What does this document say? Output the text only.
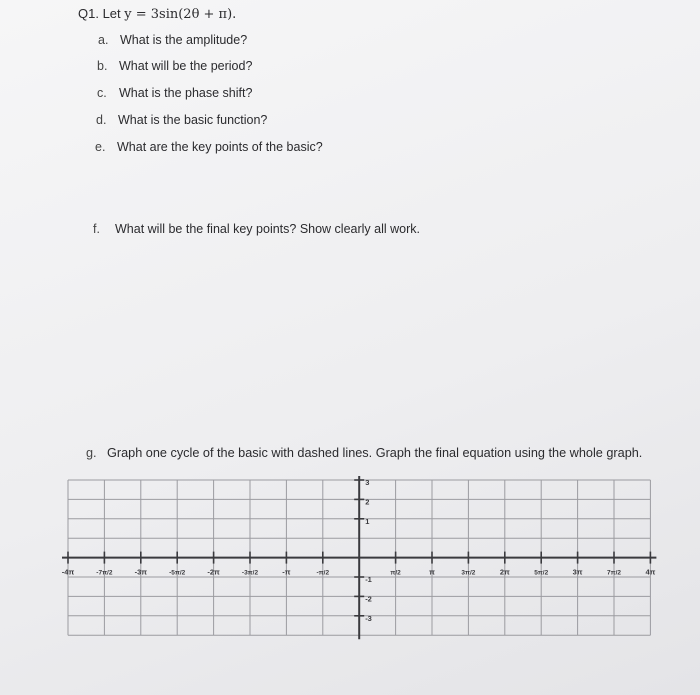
Q1. Let y = 3sin(2θ + π).
a. What is the amplitude?
b. What will be the period?
c. What is the phase shift?
d. What is the basic function?
e. What are the key points of the basic?
f. What will be the final key points? Show clearly all work.
g. Graph one cycle of the basic with dashed lines. Graph the final equation using the whole graph.
-4π	-7π/2	-3π	-5π/2	-2π	-3π/2	-π	-π/2	π/2	π	3π/2	2π	5π/2	3π	7π/2	4π
3
2
1
-1
-2
-3
